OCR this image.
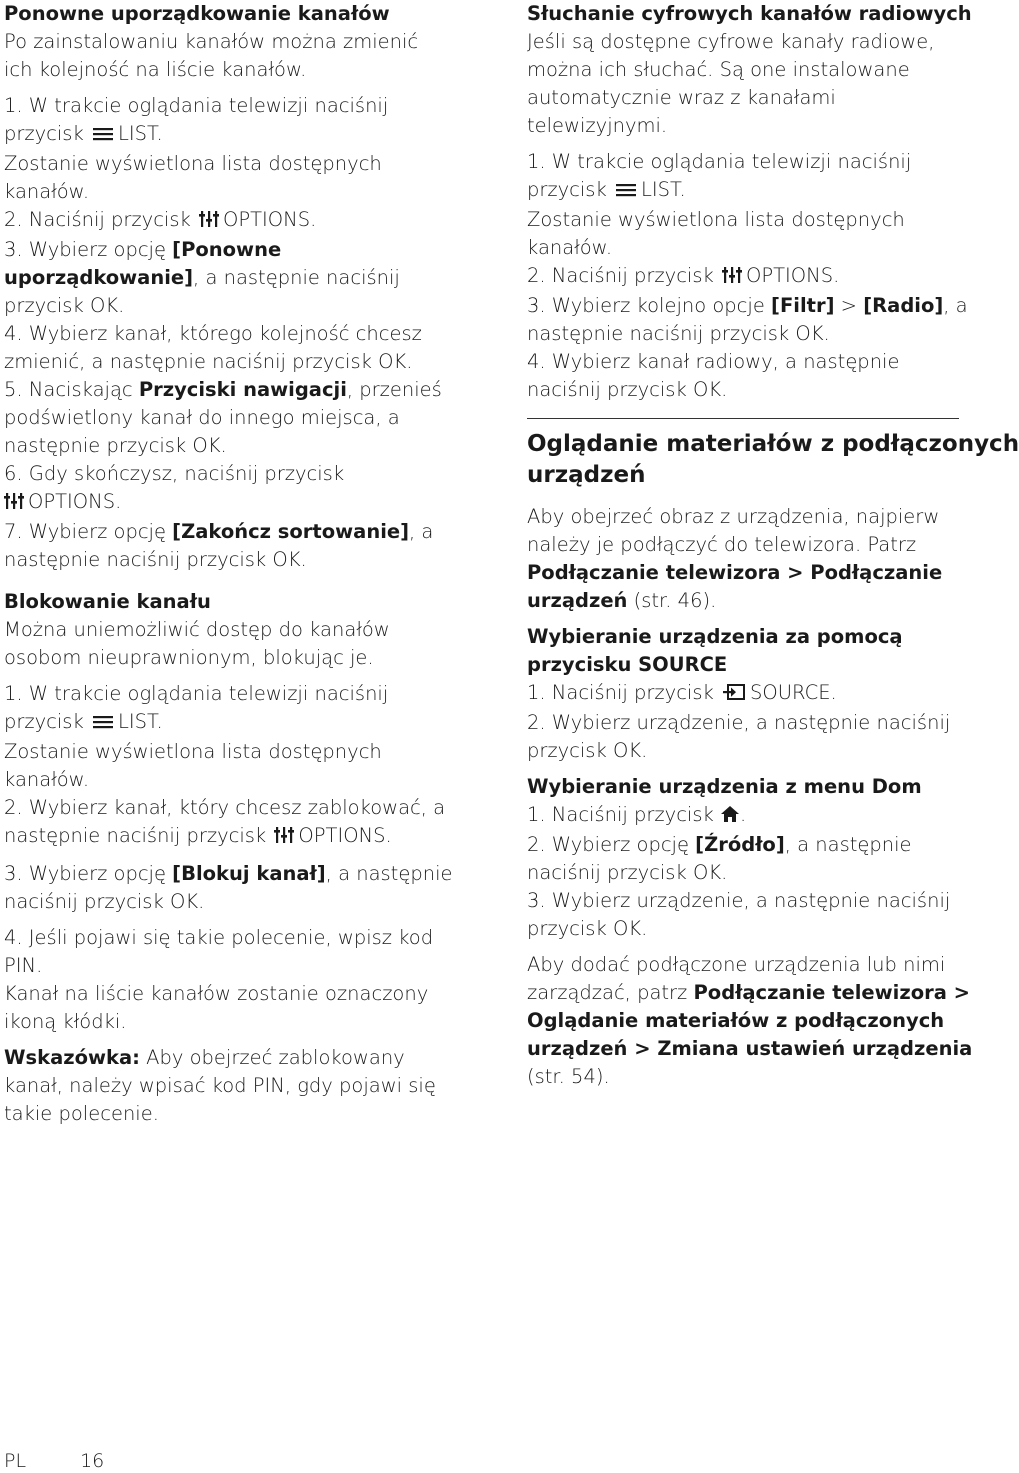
Ponowne uporządkowanie kanałów

Po zainstalowaniu kanałów można zmienić
ich kolejność na liście kanałów.

1. W trakcie oglądania telewizji naciśnij
przycisk LIST.
Zostanie wyświetlona lista dostępnych
kanałów.
2. Naciśnij przycisk OPTIONS.
3. Wybierz opcję [Ponowne
uporządkowanie], a następnie naciśnij
przycisk OK.
4. Wybierz kanał, którego kolejność chcesz
zmienić, a następnie naciśnij przycisk OK.
5. Naciskając Przyciski nawigacji, przenieś
podświetlony kanał do innego miejsca, a
następnie przycisk OK.
6. Gdy skończysz, naciśnij przycisk
OPTIONS.
7. Wybierz opcję [Zakończ sortowanie], a
następnie naciśnij przycisk OK.

Blokowanie kanału

Można uniemożliwić dostęp do kanałów
osobom nieuprawnionym, blokując je.

1. W trakcie oglądania telewizji naciśnij
przycisk LIST.
Zostanie wyświetlona lista dostępnych
kanałów.
2. Wybierz kanał, który chcesz zablokować, a
następnie naciśnij przycisk OPTIONS.

3. Wybierz opcję [Blokuj kanał], a następnie
naciśnij przycisk OK.

4. Jeśli pojawi się takie polecenie, wpisz kod
PIN.
Kanał na liście kanałów zostanie oznaczony
ikoną kłódki.

Wskazówka: Aby obejrzeć zablokowany
kanał, należy wpisać kod PIN, gdy pojawi się
takie polecenie.

Słuchanie cyfrowych kanałów radiowych

Jeśli są dostępne cyfrowe kanały radiowe,
można ich słuchać. Są one instalowane
automatycznie wraz z kanałami
telewizyjnymi.

1. W trakcie oglądania telewizji naciśnij
przycisk LIST.
Zostanie wyświetlona lista dostępnych
kanałów.
2. Naciśnij przycisk OPTIONS.
3. Wybierz kolejno opcje [Filtr] > [Radio], a
następnie naciśnij przycisk OK.
4. Wybierz kanał radiowy, a następnie
naciśnij przycisk OK.

Oglądanie materiałów z podłączonych
urządzeń

Aby obejrzeć obraz z urządzenia, najpierw
należy je podłączyć do telewizora. Patrz
Podłączanie telewizora > Podłączanie
urządzeń (str. 46).

Wybieranie urządzenia za pomocą
przycisku SOURCE

1. Naciśnij przycisk SOURCE.
2. Wybierz urządzenie, a następnie naciśnij
przycisk OK.

Wybieranie urządzenia z menu Dom

1. Naciśnij przycisk .
2. Wybierz opcję [Źródło], a następnie
naciśnij przycisk OK.
3. Wybierz urządzenie, a następnie naciśnij
przycisk OK.

Aby dodać podłączone urządzenia lub nimi
zarządzać, patrz Podłączanie telewizora >
Oglądanie materiałów z podłączonych
urządzeń > Zmiana ustawień urządzenia
(str. 54).

PL	16
